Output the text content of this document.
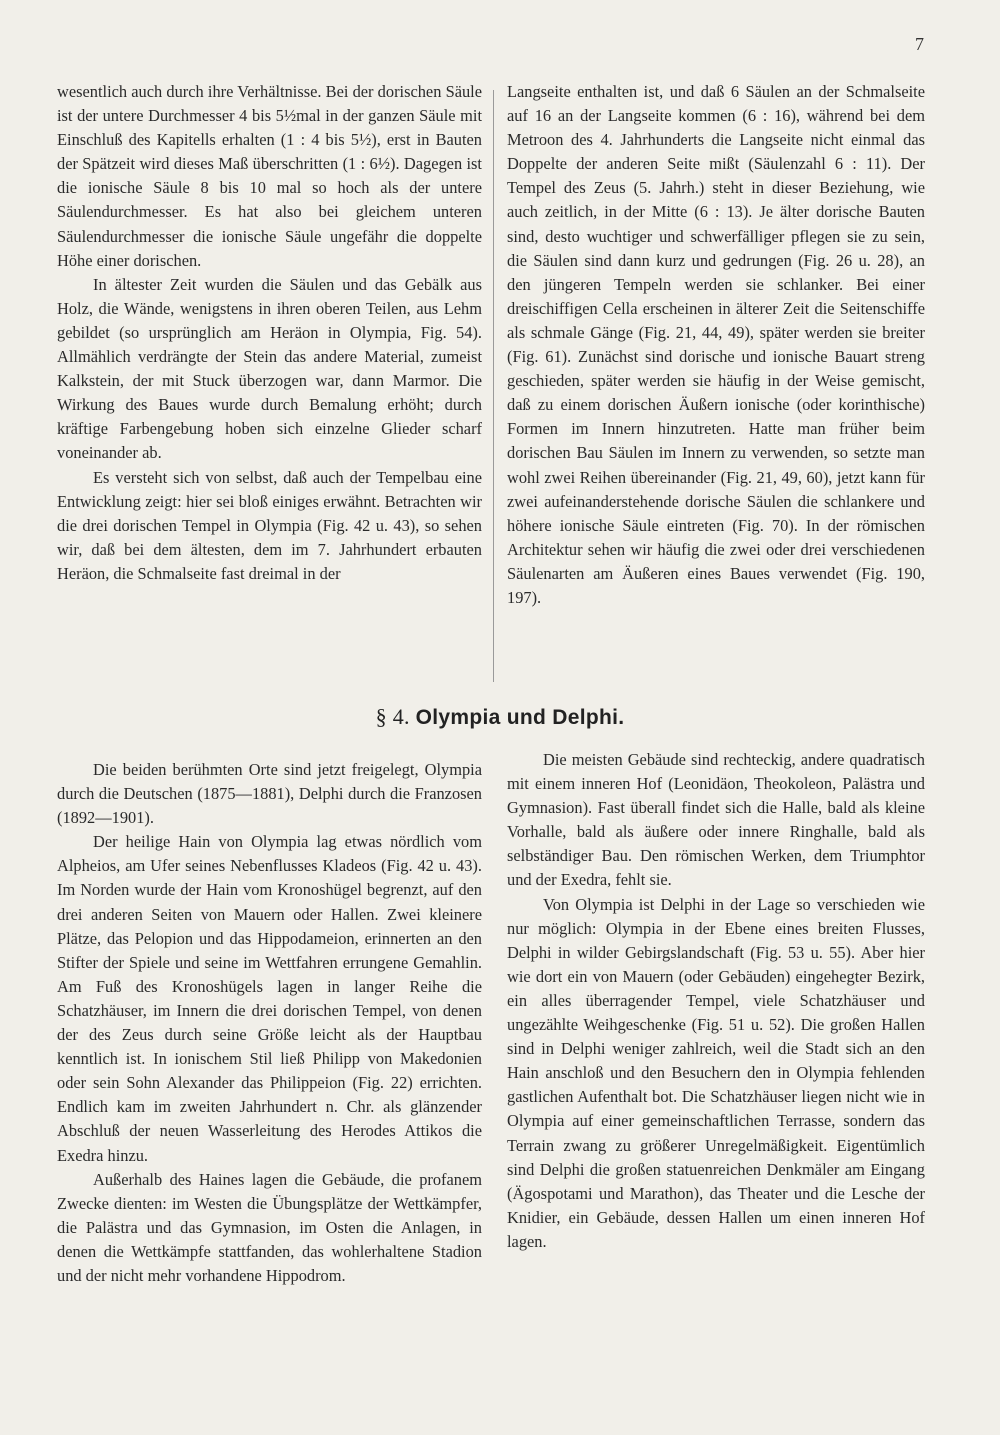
7

wesentlich auch durch ihre Verhältnisse. Bei der dorischen Säule ist der untere Durchmesser 4 bis 5½mal in der ganzen Säule mit Einschluß des Kapitells erhalten (1 : 4 bis 5½), erst in Bauten der Spätzeit wird dieses Maß überschritten (1 : 6½). Dagegen ist die ionische Säule 8 bis 10 mal so hoch als der untere Säulendurchmesser. Es hat also bei gleichem unteren Säulendurchmesser die ionische Säule ungefähr die doppelte Höhe einer dorischen.

In ältester Zeit wurden die Säulen und das Gebälk aus Holz, die Wände, wenigstens in ihren oberen Teilen, aus Lehm gebildet (so ursprünglich am Heräon in Olympia, Fig. 54). Allmählich verdrängte der Stein das andere Material, zumeist Kalkstein, der mit Stuck überzogen war, dann Marmor. Die Wirkung des Baues wurde durch Bemalung erhöht; durch kräftige Farbengebung hoben sich einzelne Glieder scharf voneinander ab.

Es versteht sich von selbst, daß auch der Tempelbau eine Entwicklung zeigt: hier sei bloß einiges erwähnt. Betrachten wir die drei dorischen Tempel in Olympia (Fig. 42 u. 43), so sehen wir, daß bei dem ältesten, dem im 7. Jahrhundert erbauten Heräon, die Schmalseite fast dreimal in der

Langseite enthalten ist, und daß 6 Säulen an der Schmalseite auf 16 an der Langseite kommen (6 : 16), während bei dem Metroon des 4. Jahrhunderts die Langseite nicht einmal das Doppelte der anderen Seite mißt (Säulenzahl 6 : 11). Der Tempel des Zeus (5. Jahrh.) steht in dieser Beziehung, wie auch zeitlich, in der Mitte (6 : 13). Je älter dorische Bauten sind, desto wuchtiger und schwerfälliger pflegen sie zu sein, die Säulen sind dann kurz und gedrungen (Fig. 26 u. 28), an den jüngeren Tempeln werden sie schlanker. Bei einer dreischiffigen Cella erscheinen in älterer Zeit die Seitenschiffe als schmale Gänge (Fig. 21, 44, 49), später werden sie breiter (Fig. 61). Zunächst sind dorische und ionische Bauart streng geschieden, später werden sie häufig in der Weise gemischt, daß zu einem dorischen Äußern ionische (oder korinthische) Formen im Innern hinzutreten. Hatte man früher beim dorischen Bau Säulen im Innern zu verwenden, so setzte man wohl zwei Reihen übereinander (Fig. 21, 49, 60), jetzt kann für zwei aufeinanderstehende dorische Säulen die schlankere und höhere ionische Säule eintreten (Fig. 70). In der römischen Architektur sehen wir häufig die zwei oder drei verschiedenen Säulenarten am Äußeren eines Baues verwendet (Fig. 190, 197).

§ 4. Olympia und Delphi.

Die beiden berühmten Orte sind jetzt freigelegt, Olympia durch die Deutschen (1875—1881), Delphi durch die Franzosen (1892—1901).

Der heilige Hain von Olympia lag etwas nördlich vom Alpheios, am Ufer seines Nebenflusses Kladeos (Fig. 42 u. 43). Im Norden wurde der Hain vom Kronoshügel begrenzt, auf den drei anderen Seiten von Mauern oder Hallen. Zwei kleinere Plätze, das Pelopion und das Hippodameion, erinnerten an den Stifter der Spiele und seine im Wettfahren errungene Gemahlin. Am Fuß des Kronoshügels lagen in langer Reihe die Schatzhäuser, im Innern die drei dorischen Tempel, von denen der des Zeus durch seine Größe leicht als der Hauptbau kenntlich ist. In ionischem Stil ließ Philipp von Makedonien oder sein Sohn Alexander das Philippeion (Fig. 22) errichten. Endlich kam im zweiten Jahrhundert n. Chr. als glänzender Abschluß der neuen Wasserleitung des Herodes Attikos die Exedra hinzu.

Außerhalb des Haines lagen die Gebäude, die profanem Zwecke dienten: im Westen die Übungsplätze der Wettkämpfer, die Palästra und das Gymnasion, im Osten die Anlagen, in denen die Wettkämpfe stattfanden, das wohlerhaltene Stadion und der nicht mehr vorhandene Hippodrom.

Die meisten Gebäude sind rechteckig, andere quadratisch mit einem inneren Hof (Leonidäon, Theokoleon, Palästra und Gymnasion). Fast überall findet sich die Halle, bald als kleine Vorhalle, bald als äußere oder innere Ringhalle, bald als selbständiger Bau. Den römischen Werken, dem Triumphtor und der Exedra, fehlt sie.

Von Olympia ist Delphi in der Lage so verschieden wie nur möglich: Olympia in der Ebene eines breiten Flusses, Delphi in wilder Gebirgslandschaft (Fig. 53 u. 55). Aber hier wie dort ein von Mauern (oder Gebäuden) eingehegter Bezirk, ein alles überragender Tempel, viele Schatzhäuser und ungezählte Weihgeschenke (Fig. 51 u. 52). Die großen Hallen sind in Delphi weniger zahlreich, weil die Stadt sich an den Hain anschloß und den Besuchern den in Olympia fehlenden gastlichen Aufenthalt bot. Die Schatzhäuser liegen nicht wie in Olympia auf einer gemeinschaftlichen Terrasse, sondern das Terrain zwang zu größerer Unregelmäßigkeit. Eigentümlich sind Delphi die großen statuenreichen Denkmäler am Eingang (Ägospotami und Marathon), das Theater und die Lesche der Knidier, ein Gebäude, dessen Hallen um einen inneren Hof lagen.
